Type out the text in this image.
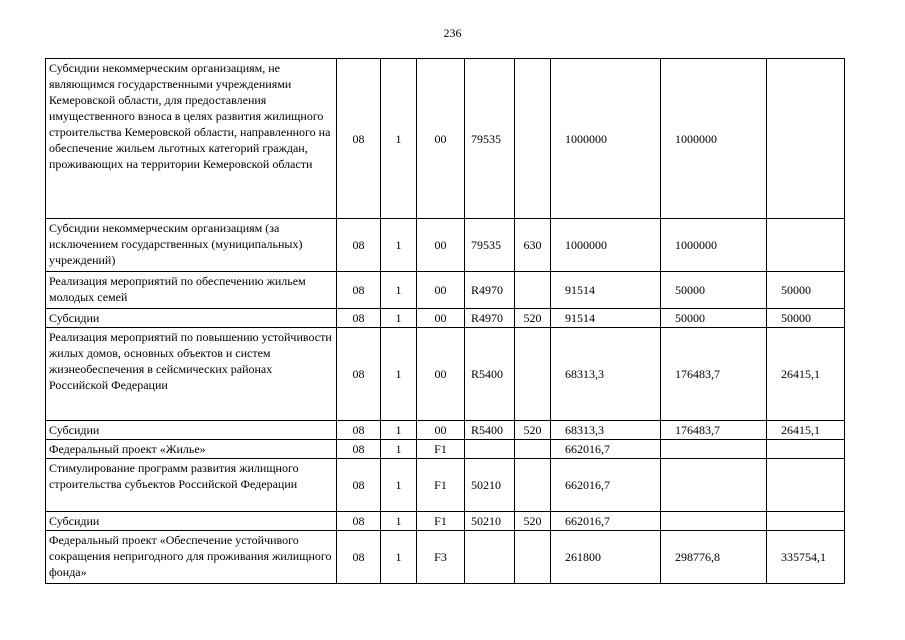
236
Субсидии некоммерческим организациям, не являющимся государственными учреждениями Кемеровской области, для предоставления имущественного взноса в целях развития жилищного строительства Кемеровской области, направленного на обеспечение жильем льготных категорий граждан, проживающих на территории Кемеровской области	08	1	00	79535		1000000	1000000	
Субсидии некоммерческим организациям (за исключением государственных (муниципальных) учреждений)	08	1	00	79535	630	1000000	1000000	
Реализация мероприятий по обеспечению жильем молодых семей	08	1	00	R4970		91514	50000	50000
Субсидии	08	1	00	R4970	520	91514	50000	50000
Реализация мероприятий по повышению устойчивости жилых домов, основных объектов и систем жизнеобеспечения в сейсмических районах Российской Федерации	08	1	00	R5400		68313,3	176483,7	26415,1
Субсидии	08	1	00	R5400	520	68313,3	176483,7	26415,1
Федеральный проект «Жилье»	08	1	F1			662016,7		
Стимулирование программ развития жилищного строительства субъектов Российской Федерации	08	1	F1	50210		662016,7		
Субсидии	08	1	F1	50210	520	662016,7		
Федеральный проект «Обеспечение устойчивого сокращения непригодного для проживания жилищного фонда»	08	1	F3			261800	298776,8	335754,1
